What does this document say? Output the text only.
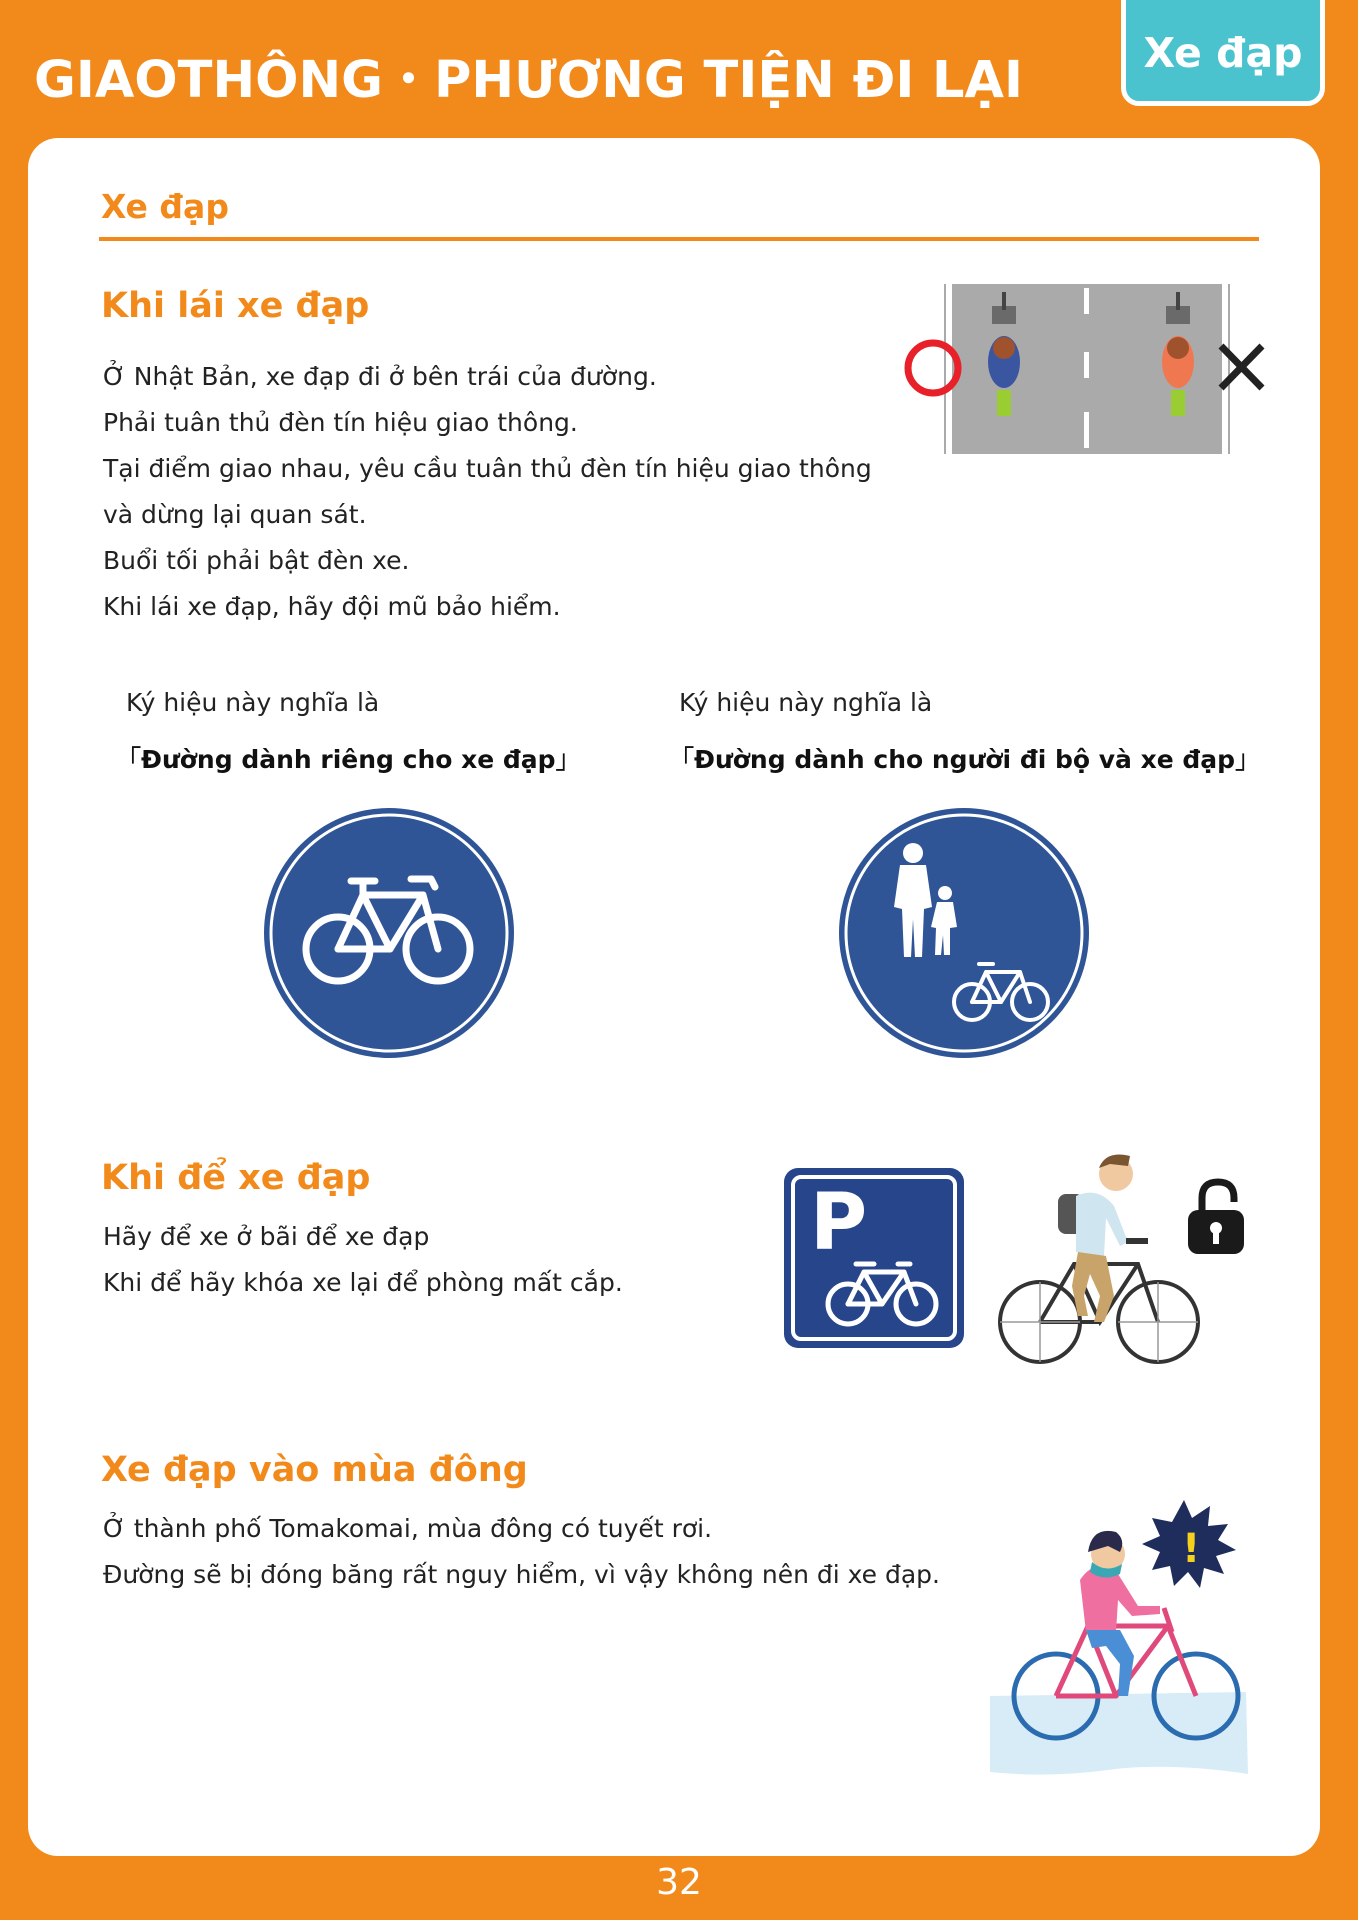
GIAOTHÔNG・PHƯƠNG TIỆN ĐI LẠI	Xe đạp
Xe đạp
Khi lái xe đạp
Ở Nhật Bản, xe đạp đi ở bên trái của đường.
Phải tuân thủ đèn tín hiệu giao thông.
Tại điểm giao nhau, yêu cầu tuân thủ đèn tín hiệu giao thông
và dừng lại quan sát.
Buổi tối phải bật đèn xe.
Khi lái xe đạp, hãy đội mũ bảo hiểm.
Ký hiệu này nghĩa là
「Đường dành riêng cho xe đạp」
Ký hiệu này nghĩa là
「Đường dành cho người đi bộ và xe đạp」
Khi để xe đạp
Hãy để xe ở bãi để xe đạp
Khi để hãy khóa xe lại để phòng mất cắp.
P
Xe đạp vào mùa đông
Ở thành phố Tomakomai, mùa đông có tuyết rơi.
Đường sẽ bị đóng băng rất nguy hiểm, vì vậy không nên đi xe đạp.
!
32
